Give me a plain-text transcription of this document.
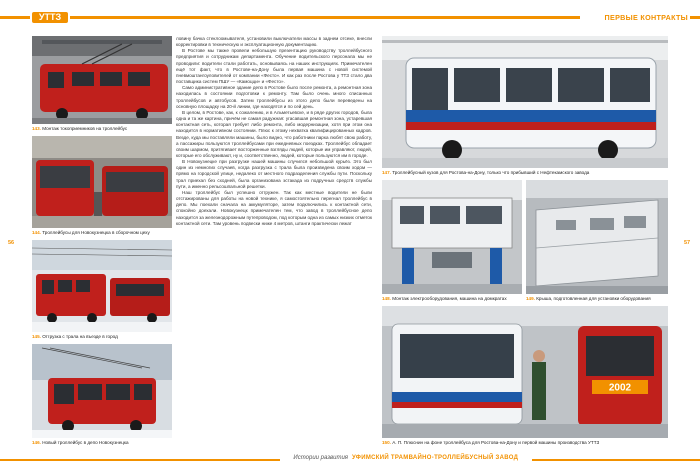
УТТЗ	ПЕРВЫЕ КОНТРАКТЫ
143. Монтаж токоприемников на троллейбус
144. Троллейбусы для Новокузнецка в сборочном цеху
145. Отгрузка с трала на въезде в город
146. Новый троллейбус в депо Новокузнецка

ловину бачка стеклоомывателя, установили выключатели массы в заднем отсеке, внесли корректировки в техническую и эксплуатационную документацию.

В Ростове мы также провели небольшую презентацию руководству троллейбусного предприятия и сотрудникам департамента. Обучение водительского персонала мы не проводили: водители стали работать, основываясь на наших инструкциях. Примечателен ещё тот факт, что в Ростове-на-Дону была первая машина с новой системой пневмоштангоуловителей от компании «Фесто». И как раз после Ростова у ТТЗ стало два поставщика систем ПШУ — «Камоцци» и «Фесто».

Само административное здание депо в Ростове было после ремонта, а ремонтная зона находилась в состоянии подготовки к ремонту. Там было очень много списанных троллейбусов и автобусов. Затем троллейбусы из этого депо были переведены на основную площадку на 20-й линии, где находятся и по сей день.

В целом, в Ростове, как, к сожалению, и в Альметьевске, и в ряде других городов, была одна и та же картина, причём не самая радужная: угасавшая ремонтная зона, устаревшая контактная сеть, которая требует либо ремонта, либо модернизации, хотя при этом она находится в нормативном состоянии. Плюс к этому нехватка квалифицированных кадров. Везде, куда мы поставляли машины, было видно, что работники парка любят свою работу, а пассажиры пользуются троллейбусами при ежедневных поездках. Троллейбус обладает своим шармом, притягивает восторженные взгляды людей, которые им управляют, людей, которые его обслуживают, ну и, соответственно, людей, которые пользуются им в городе.

В Новокузнецке при разгрузке нашей машины случился небольшой курьёз. Это был один из немногих случаев, когда разгрузка с трала была произведена своим ходом — прямо на городской улице, недалеко от местного подразделения службы пути. Поскольку трал приехал без сходней, была организована эстакада из подручных средств службы пути, а именно рельсошпальной решетки.

Наш троллейбус был успешно отгружен. Так как местные водители не были отстажированы для работы на новой технике, я самостоятельно перегнал троллейбус в депо. Мы поехали сначала на аккумуляторе, затем подключились к контактной сети, спокойно доехали. Новокузнецк примечателен тем, что завод в троллейбусное депо находится за железнодорожным путепроводом, под которым одна из самых низких отметок контактной сети. Там уровень подвески ниже 4 метров, штанги практически лежат

56	57
147. Троллейбусный кузов для Ростова-на-Дону, только что прибывший с Нефтекамского завода
148. Монтаж электрооборудования, машина на домкратах	149. Крыша, подготовленная для установки оборудования
2002
150. А. П. Плюснин на фоне троллейбуса для Ростова-на-Дону и первой машины производства УТТЗ
Истории развития УФИМСКИЙ ТРАМВАЙНО-ТРОЛЛЕЙБУСНЫЙ ЗАВОД
